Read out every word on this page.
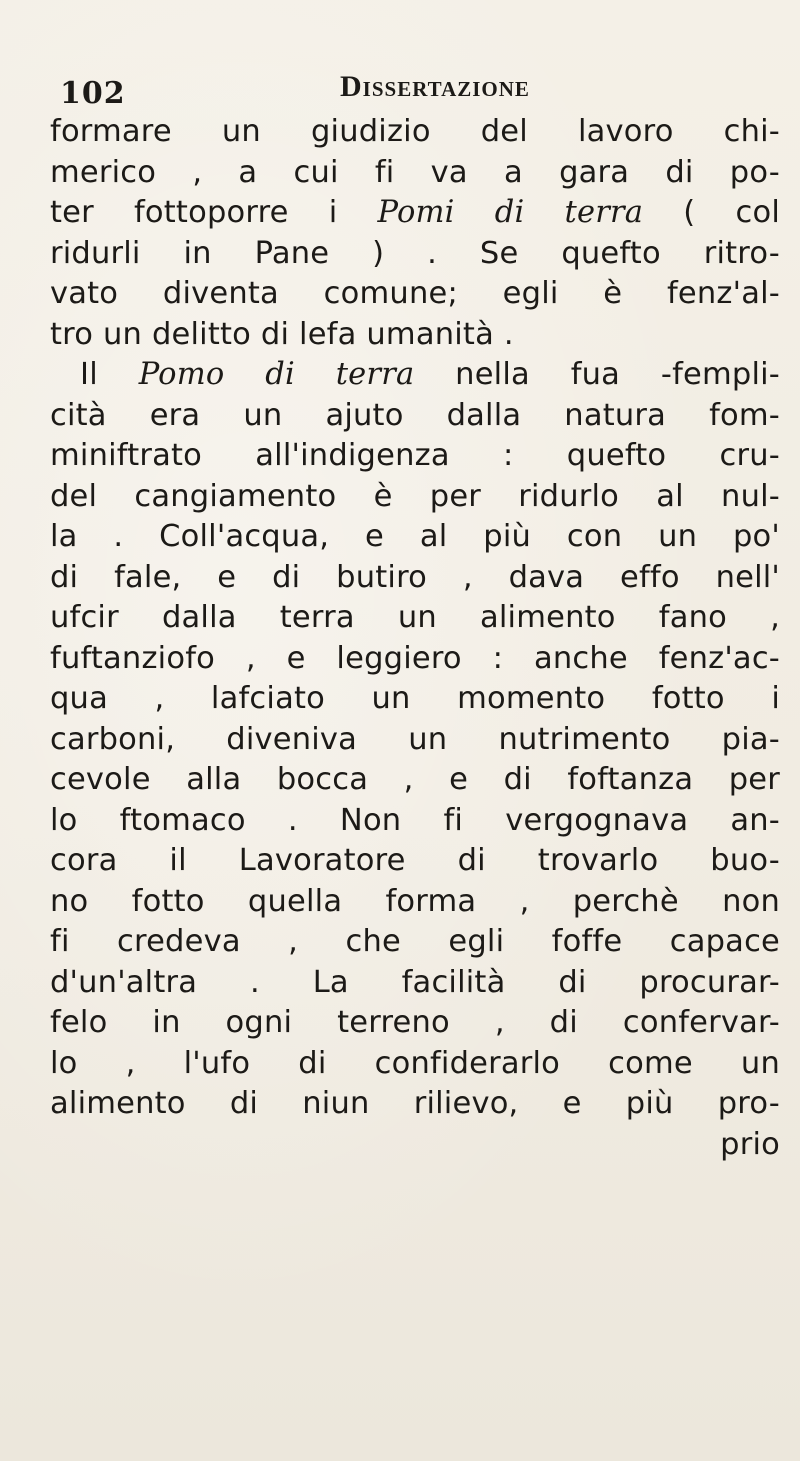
102	Dissertazione
formare un giudizio del lavoro chi-
merico , a cui fi va a gara di po-
ter fottoporre i Pomi di terra ( col
ridurli in Pane ) . Se quefto ritro-
vato diventa comune; egli è fenz'al-
tro un delitto di lefa umanità .
Il Pomo di terra nella fua -fempli-
cità era un ajuto dalla natura fom-
miniftrato all'indigenza : quefto cru-
del cangiamento è per ridurlo al nul-
la . Coll'acqua, e al più con un po'
di fale, e di butiro , dava effo nell'
ufcir dalla terra un alimento fano ,
fuftanziofo , e leggiero : anche fenz'ac-
qua , lafciato un momento fotto i
carboni, diveniva un nutrimento pia-
cevole alla bocca , e di foftanza per
lo ftomaco . Non fi vergognava an-
cora il Lavoratore di trovarlo buo-
no fotto quella forma , perchè non
fi credeva , che egli foffe capace
d'un'altra . La facilità di procurar-
felo in ogni terreno , di confervar-
lo , l'ufo di confiderarlo come un
alimento di niun rilievo, e più pro-
prio
